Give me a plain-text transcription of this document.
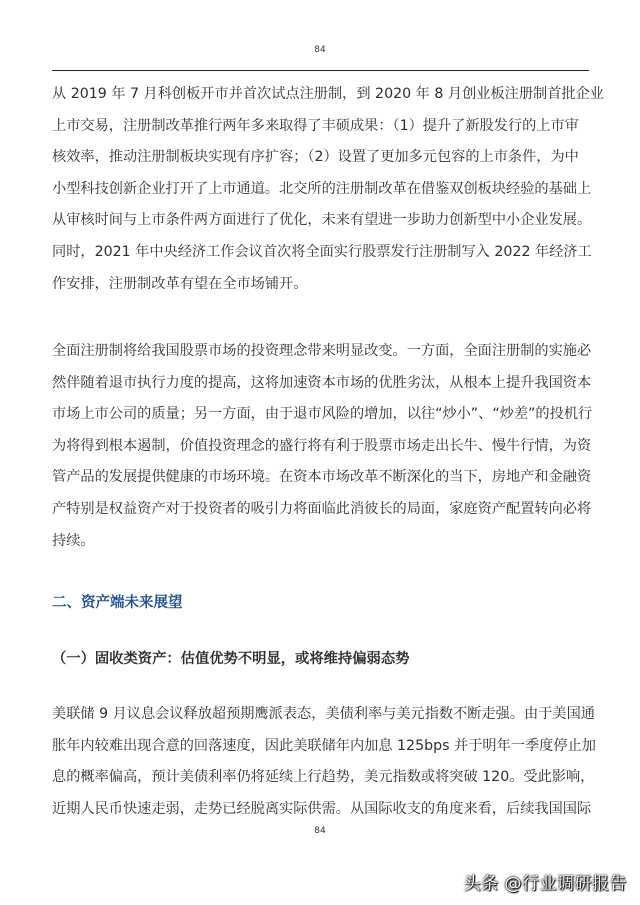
84
从 2019 年 7 月科创板开市并首次试点注册制，到 2020 年 8 月创业板注册制首批企业
上市交易，注册制改革推行两年多来取得了丰硕成果：（1）提升了新股发行的上市审
核效率，推动注册制板块实现有序扩容；（2）设置了更加多元包容的上市条件，为中
小型科技创新企业打开了上市通道。北交所的注册制改革在借鉴双创板块经验的基础上
从审核时间与上市条件两方面进行了优化，未来有望进一步助力创新型中小企业发展。
同时，2021 年中央经济工作会议首次将全面实行股票发行注册制写入 2022 年经济工
作安排，注册制改革有望在全市场铺开。
全面注册制将给我国股票市场的投资理念带来明显改变。一方面，全面注册制的实施必
然伴随着退市执行力度的提高，这将加速资本市场的优胜劣汰，从根本上提升我国资本
市场上市公司的质量；另一方面，由于退市风险的增加，以往“炒小”、“炒差”的投机行
为将得到根本遏制，价值投资理念的盛行将有利于股票市场走出长牛、慢牛行情，为资
管产品的发展提供健康的市场环境。在资本市场改革不断深化的当下，房地产和金融资
产特别是权益资产对于投资者的吸引力将面临此消彼长的局面，家庭资产配置转向必将
持续。
二、资产端未来展望
（一）固收类资产：估值优势不明显，或将维持偏弱态势
美联储 9 月议息会议释放超预期鹰派表态，美债利率与美元指数不断走强。由于美国通
胀年内较难出现合意的回落速度，因此美联储年内加息 125bps 并于明年一季度停止加
息的概率偏高，预计美债利率仍将延续上行趋势，美元指数或将突破 120。受此影响，
近期人民币快速走弱，走势已经脱离实际供需。从国际收支的角度来看，后续我国国际
84
头条 @行业调研报告
